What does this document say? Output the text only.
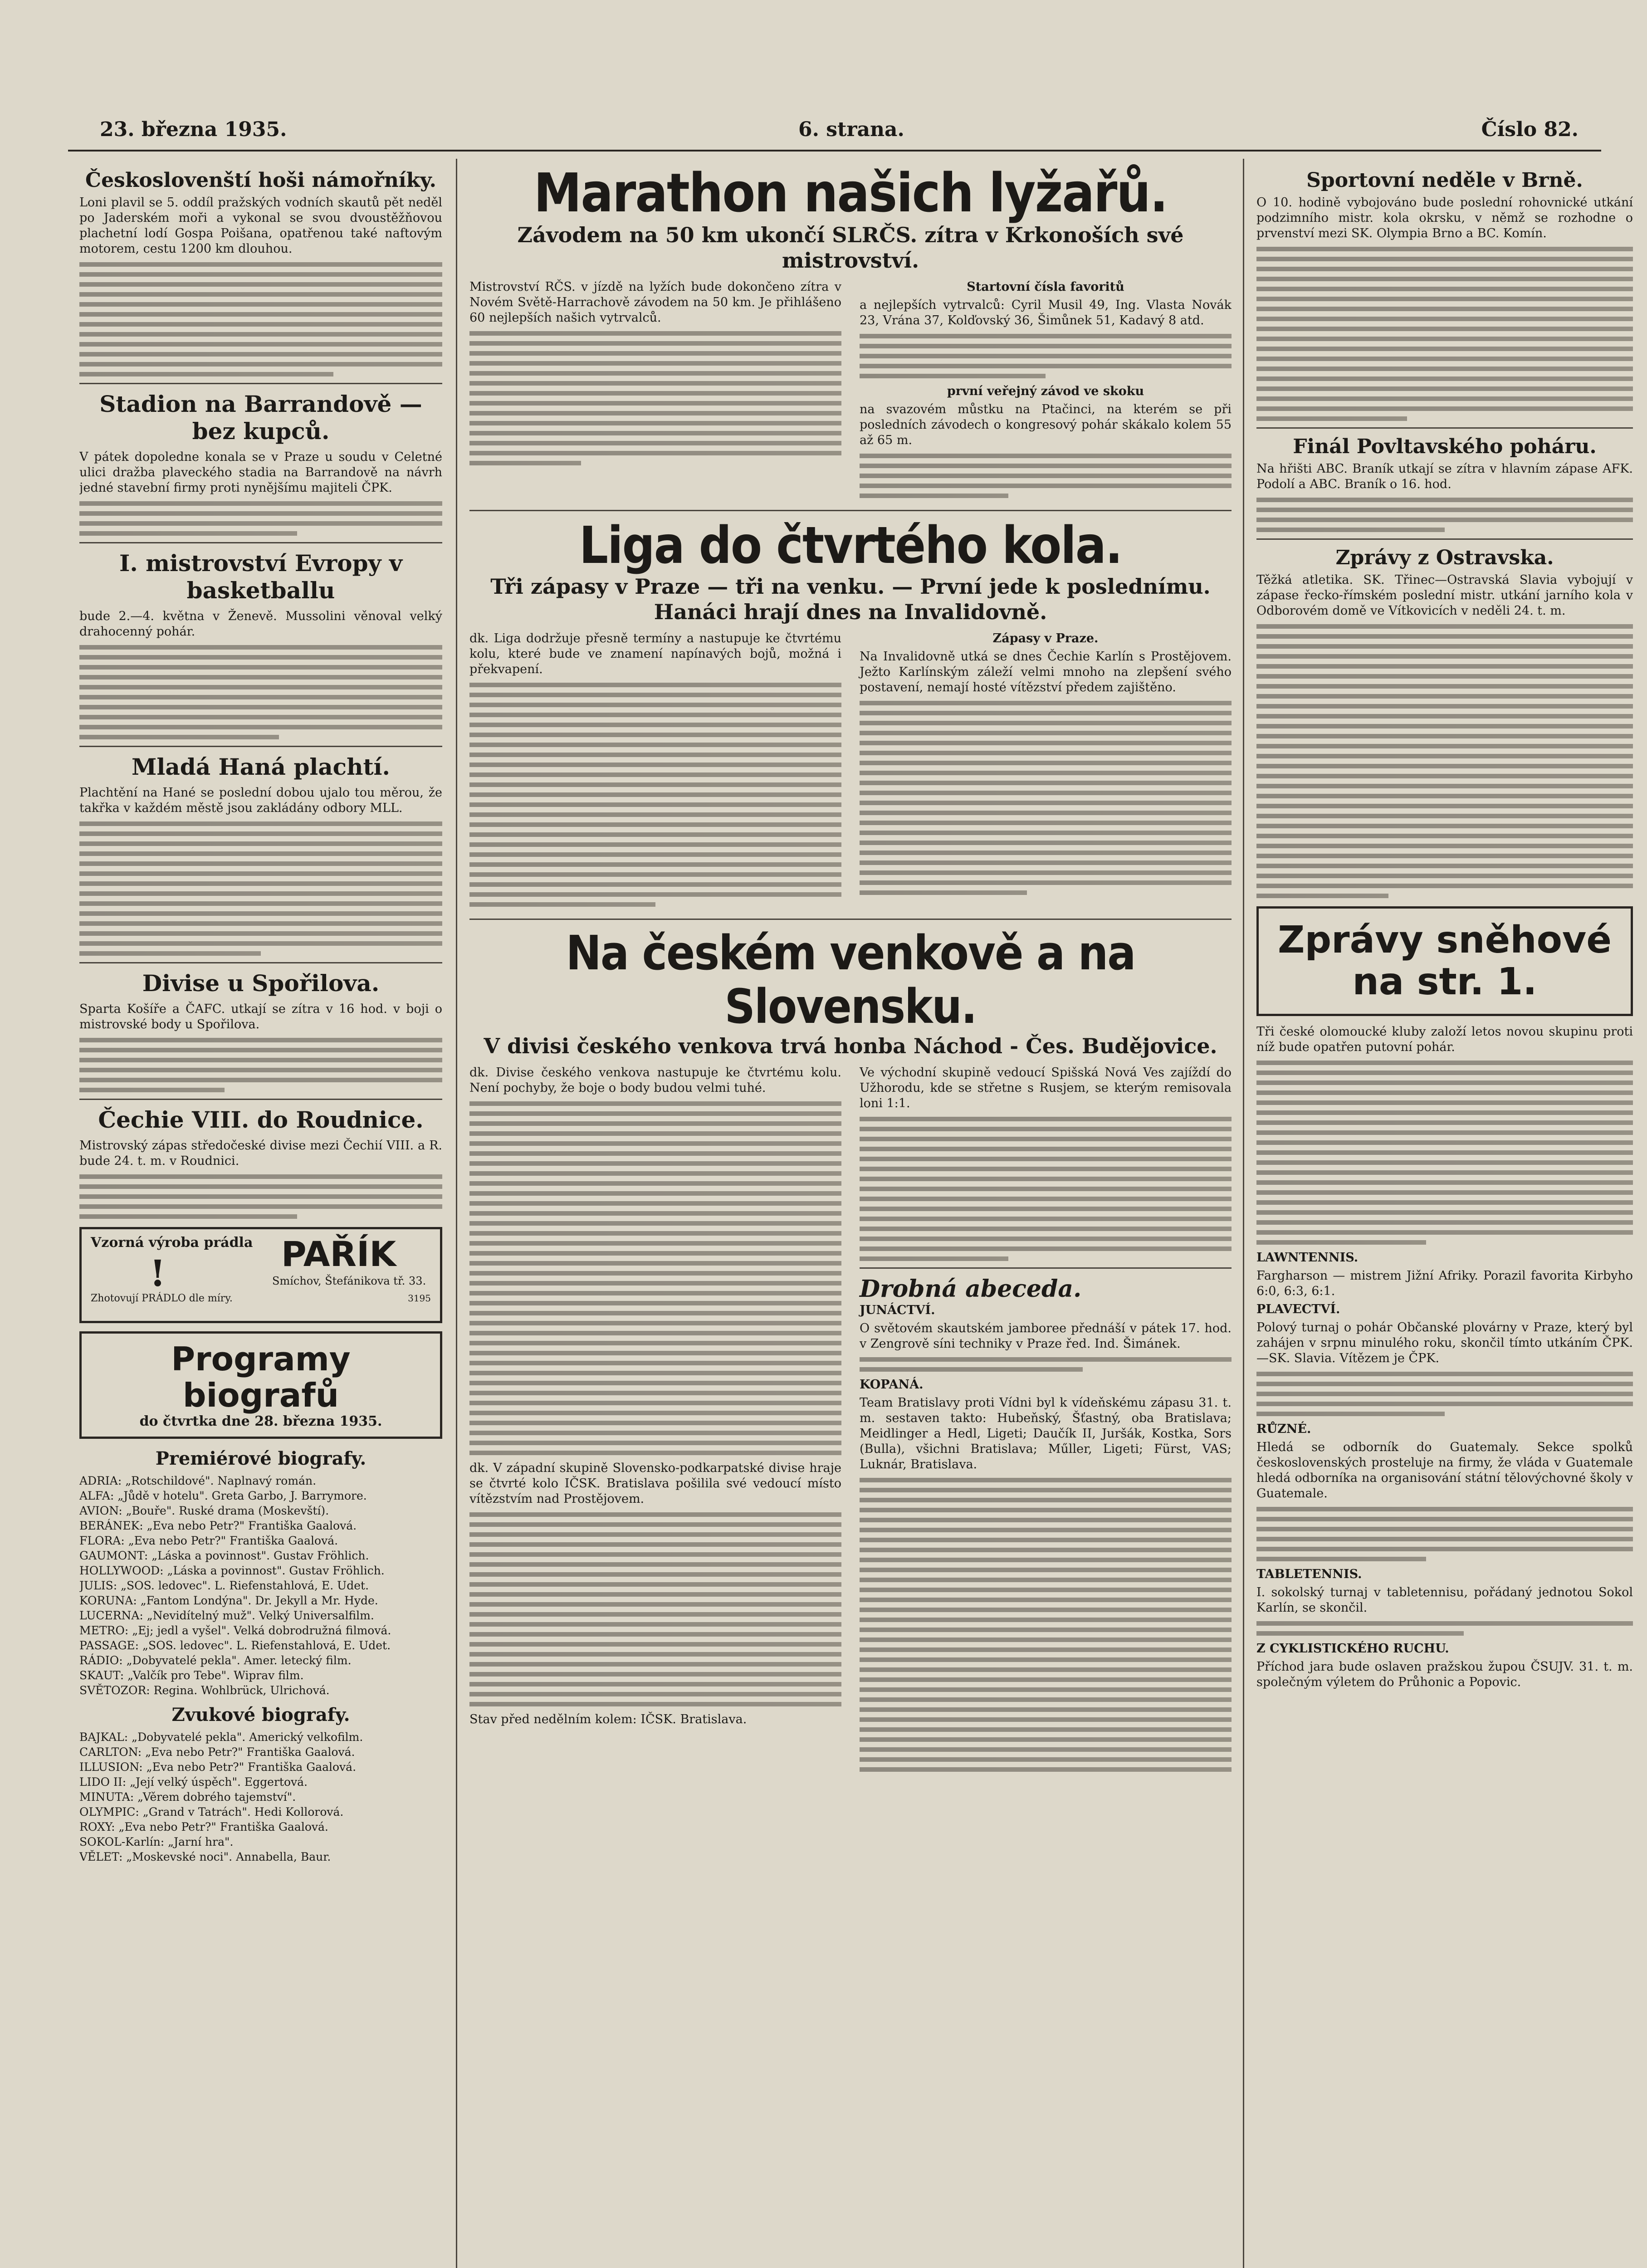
23. března 1935.	6. strana.	Číslo 82.
Českoslovenští hoši námořníky.
Loni plavil se 5. oddíl pražských vodních skautů pět neděl po Jaderském moři a vykonal se svou dvoustěžňovou plachetní lodí Gospa Poišana, opatřenou také naftovým motorem, cestu 1200 km dlouhou.
Stadion na Barrandově — bez kupců.
V pátek dopoledne konala se v Praze u soudu v Celetné ulici dražba plaveckého stadia na Barrandově na návrh jedné stavební firmy proti nynějšímu majiteli ČPK.
I. mistrovství Evropy v basketballu
bude 2.—4. května v Ženevě. Mussolini věnoval velký drahocenný pohár.
Mladá Haná plachtí.
Plachtění na Hané se poslední dobou ujalo tou měrou, že takřka v každém městě jsou zakládány odbory MLL.
Divise u Spořilova.
Sparta Košíře a ČAFC. utkají se zítra v 16 hod. v boji o mistrovské body u Spořilova.
Čechie VIII. do Roudnice.
Mistrovský zápas středočeské divise mezi Čechií VIII. a R. bude 24. t. m. v Roudnici.
Vzorná výroba prádla
!
Zhotovují PRÁDLO dle míry.
PAŘÍK
Smíchov, Štefánikova tř. 33.
3195
Programy biografů
do čtvrtka dne 28. března 1935.
Premiérové biografy.
ADRIA: „Rotschildové". Naplnavý román.
ALFA: „Jůdě v hotelu". Greta Garbo, J. Barrymore.
AVION: „Bouře". Ruské drama (Moskevští).
BERÁNEK: „Eva nebo Petr?" Františka Gaalová.
FLORA: „Eva nebo Petr?" Františka Gaalová.
GAUMONT: „Láska a povinnost". Gustav Fröhlich.
HOLLYWOOD: „Láska a povinnost". Gustav Fröhlich.
JULIS: „SOS. ledovec". L. Riefenstahlová, E. Udet.
KORUNA: „Fantom Londýna". Dr. Jekyll a Mr. Hyde.
LUCERNA: „Nevidítelný muž". Velký Universalfilm.
METRO: „Ej; jedl a vyšel". Velká dobrodružná filmová.
PASSAGE: „SOS. ledovec". L. Riefenstahlová, E. Udet.
RÁDIO: „Dobyvatelé pekla". Amer. letecký film.
SKAUT: „Valčík pro Tebe". Wiprav film.
SVĚTOZOR: Regina. Wohlbrück, Ulrichová.
Zvukové biografy.
BAJKAL: „Dobyvatelé pekla". Americký velkofilm.
CARLTON: „Eva nebo Petr?" Františka Gaalová.
ILLUSION: „Eva nebo Petr?" Františka Gaalová.
LIDO II: „Její velký úspěch". Eggertová.
MINUTA: „Věrem dobrého tajemství".
OLYMPIC: „Grand v Tatrách". Hedi Kollorová.
ROXY: „Eva nebo Petr?" Františka Gaalová.
SOKOL-Karlín: „Jarní hra".
VĚLET: „Moskevské noci". Annabella, Baur.
Marathon našich lyžařů.
Závodem na 50 km ukončí SLRČS. zítra v Krkonoších své mistrovství.
Mistrovství RČS. v jízdě na lyžích bude dokončeno zítra v Novém Světě-Harrachově závodem na 50 km. Je přihlášeno 60 nejlepších našich vytrvalců.
Startovní čísla favoritů
a nejlepších vytrvalců: Cyril Musil 49, Ing. Vlasta Novák 23, Vrána 37, Kolďovský 36, Šimůnek 51, Kadavý 8 atd.
první veřejný závod ve skoku
na svazovém můstku na Ptačinci, na kterém se při posledních závodech o kongresový pohár skákalo kolem 55 až 65 m.
Liga do čtvrtého kola.
Tři zápasy v Praze — tři na venku. — První jede k poslednímu. Hanáci hrají dnes na Invalidovně.
dk. Liga dodržuje přesně termíny a nastupuje ke čtvrtému kolu, které bude ve znamení napínavých bojů, možná i překvapení.
Zápasy v Praze.
Na Invalidovně utká se dnes Čechie Karlín s Prostějovem. Ježto Karlínským záleží velmi mnoho na zlepšení svého postavení, nemají hosté vítězství předem zajištěno.
Na českém venkově a na Slovensku.
V divisi českého venkova trvá honba Náchod - Čes. Budějovice.
dk. Divise českého venkova nastupuje ke čtvrtému kolu. Není pochyby, že boje o body budou velmi tuhé.
dk. V západní skupině Slovensko-podkarpatské divise hraje se čtvrté kolo IČSK. Bratislava pošilila své vedoucí místo vítězstvím nad Prostějovem.
Stav před nedělním kolem: IČSK. Bratislava.
Ve východní skupině vedoucí Spišská Nová Ves zajíždí do Užhorodu, kde se střetne s Rusjem, se kterým remisovala loni 1:1.
Drobná abeceda.
JUNÁCTVÍ.
O světovém skautském jamboree přednáší v pátek 17. hod. v Zengrově síni techniky v Praze řed. Ind. Šimánek.
KOPANÁ.
Team Bratislavy proti Vídni byl k vídeňskému zápasu 31. t. m. sestaven takto: Hubeňský, Šťastný, oba Bratislava; Meidlinger a Hedl, Ligeti; Daučík II, Juršák, Kostka, Sors (Bulla), všichni Bratislava; Műller, Ligeti; Fürst, VAS; Luknár, Bratislava.
Sportovní neděle v Brně.
O 10. hodině vybojováno bude poslední rohovnické utkání podzimního mistr. kola okrsku, v němž se rozhodne o prvenství mezi SK. Olympia Brno a BC. Komín.
Finál Povltavského poháru.
Na hřišti ABC. Braník utkají se zítra v hlavním zápase AFK. Podolí a ABC. Braník o 16. hod.
Zprávy z Ostravska.
Těžká atletika. SK. Třinec—Ostravská Slavia vybojují v zápase řecko-římském poslední mistr. utkání jarního kola v Odborovém domě ve Vítkovicích v neděli 24. t. m.
Zprávy sněhové na str. 1.
Tři české olomoucké kluby založí letos novou skupinu proti níž bude opatřen putovní pohár.
LAWNTENNIS.
Fargharson — mistrem Jižní Afriky. Porazil favorita Kirbyho 6:0, 6:3, 6:1.
PLAVECTVÍ.
Polový turnaj o pohár Občanské plovárny v Praze, který byl zahájen v srpnu minulého roku, skončil tímto utkáním ČPK.—SK. Slavia. Vítězem je ČPK.
RŮZNÉ.
Hledá se odborník do Guatemaly. Sekce spolků československých prosteluje na firmy, že vláda v Guatemale hledá odborníka na organisování státní tělovýchovné školy v Guatemale.
TABLETENNIS.
I. sokolský turnaj v tabletennisu, pořádaný jednotou Sokol Karlín, se skončil.
Z CYKLISTICKÉHO RUCHU.
Příchod jara bude oslaven pražskou župou ČSUJV. 31. t. m. společným výletem do Průhonic a Popovic.
